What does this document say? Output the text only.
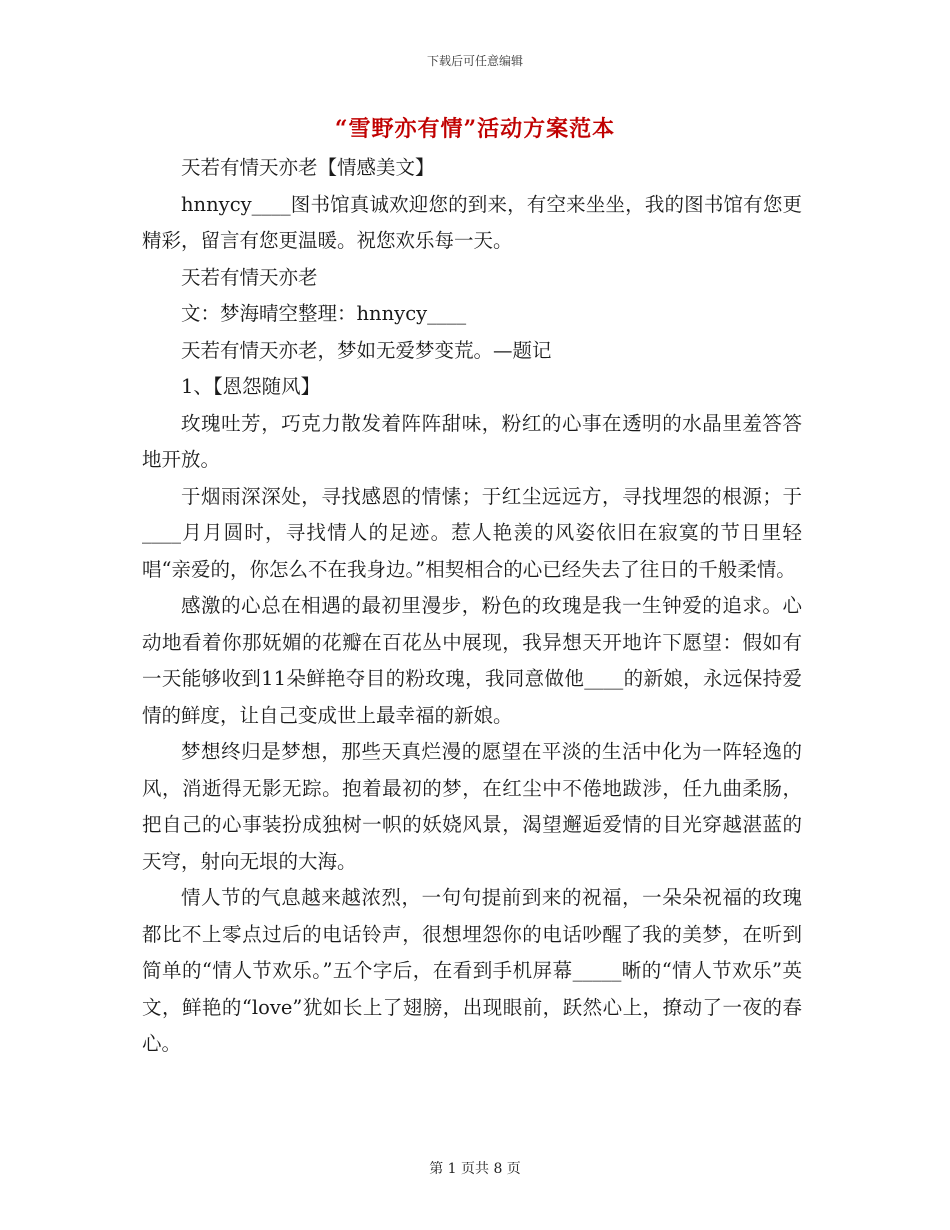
下载后可任意编辑
“雪野亦有情”活动方案范本

天若有情天亦老【情感美文】

hnnycy____图书馆真诚欢迎您的到来，有空来坐坐，我的图书馆有您更精彩，留言有您更温暖。祝您欢乐每一天。

天若有情天亦老

文：梦海晴空整理：hnnycy____

天若有情天亦老，梦如无爱梦变荒。—题记

1、【恩怨随风】

玫瑰吐芳，巧克力散发着阵阵甜味，粉红的心事在透明的水晶里羞答答地开放。

于烟雨深深处，寻找感恩的情愫；于红尘远远方，寻找埋怨的根源；于____月月圆时，寻找情人的足迹。惹人艳羡的风姿依旧在寂寞的节日里轻唱“亲爱的，你怎么不在我身边。”相契相合的心已经失去了往日的千般柔情。

感激的心总在相遇的最初里漫步，粉色的玫瑰是我一生钟爱的追求。心动地看着你那妩媚的花瓣在百花丛中展现，我异想天开地许下愿望：假如有一天能够收到11朵鲜艳夺目的粉玫瑰，我同意做他____的新娘，永远保持爱情的鲜度，让自己变成世上最幸福的新娘。

梦想终归是梦想，那些天真烂漫的愿望在平淡的生活中化为一阵轻逸的风，消逝得无影无踪。抱着最初的梦，在红尘中不倦地跋涉，任九曲柔肠，把自己的心事装扮成独树一帜的妖娆风景，渴望邂逅爱情的目光穿越湛蓝的天穹，射向无垠的大海。

情人节的气息越来越浓烈，一句句提前到来的祝福，一朵朵祝福的玫瑰都比不上零点过后的电话铃声，很想埋怨你的电话吵醒了我的美梦，在听到简单的“情人节欢乐。”五个字后，在看到手机屏幕_____晰的“情人节欢乐”英文，鲜艳的“love”犹如长上了翅膀，出现眼前，跃然心上，撩动了一夜的春心。

第 1 页共 8 页
